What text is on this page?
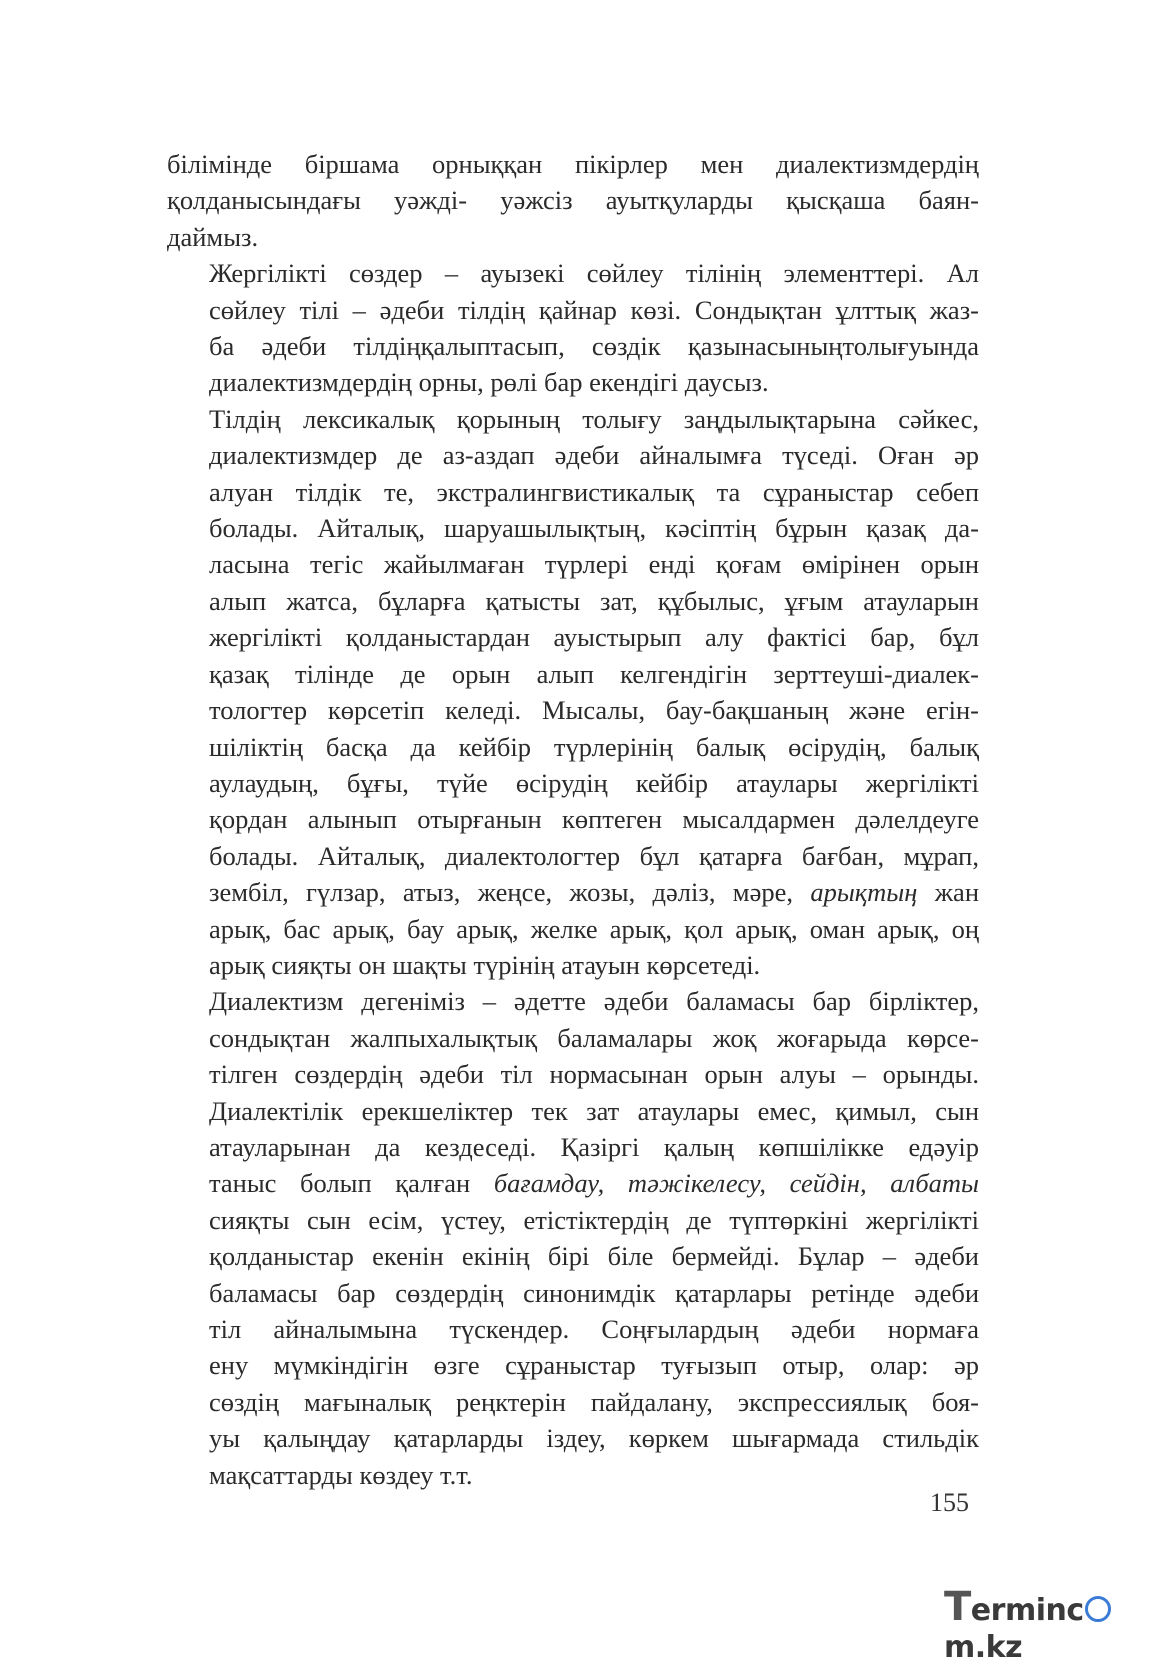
білімінде біршама орныққан пікірлер мен диалектизмдердің
қолданысындағы уәжді- уәжсіз ауытқуларды қысқаша баян-
даймыз.

Жергілікті сөздер – ауызекі сөйлеу тілінің элементтері. Ал
сөйлеу тілі – әдеби тілдің қайнар көзі. Сондықтан ұлттық жаз-
ба әдеби тілдіңқалыптасып, сөздік қазынасыныңтолығуында
диалектизмдердің орны, рөлі бар екендігі даусыз.

Тілдің лексикалық қорының толығу заңдылықтарына сәйкес,
диалектизмдер де аз-аздап әдеби айналымға түседі. Оған әр
алуан тілдік те, экстралингвистикалық та сұраныстар себеп
болады. Айталық, шаруашылықтың, кәсіптің бұрын қазақ да-
ласына тегіс жайылмаған түрлері енді қоғам өмірінен орын
алып жатса, бұларға қатысты зат, құбылыс, ұғым атауларын
жергілікті қолданыстардан ауыстырып алу фактісі бар, бұл
қазақ тілінде де орын алып келгендігін зерттеуші-диалек-
тологтер көрсетіп келеді. Мысалы, бау-бақшаның және егін-
шіліктің басқа да кейбір түрлерінің балық өсірудің, балық
аулаудың, бұғы, түйе өсірудің кейбір атаулары жергілікті
қордан алынып отырғанын көптеген мысалдармен дәлелдеуге
болады. Айталық, диалектологтер бұл қатарға бағбан, мұрап,
зембіл, гүлзар, атыз, жеңсе, жозы, дәліз, мәре, арықтың жан
арық, бас арық, бау арық, желке арық, қол арық, оман арық, оң
арық сияқты он шақты түрінің атауын көрсетеді.

Диалектизм дегеніміз – әдетте әдеби баламасы бар бірліктер,
сондықтан жалпыхалықтық баламалары жоқ жоғарыда көрсе-
тілген сөздердің әдеби тіл нормасынан орын алуы – орынды.
Диалектілік ерекшеліктер тек зат атаулары емес, қимыл, сын
атауларынан да кездеседі. Қазіргі қалың көпшілікке едәуір
таныс болып қалған бағамдау, тәжікелесу, сейдін, албаты
сияқты сын есім, үстеу, етістіктердің де түптөркіні жергілікті
қолданыстар екенін екінің бірі біле бермейді. Бұлар – әдеби
баламасы бар сөздердің синонимдік қатарлары ретінде әдеби
тіл айналымына түскендер. Соңғылардың әдеби нормаға
ену мүмкіндігін өзге сұраныстар туғызып отыр, олар: әр
сөздің мағыналық реңктерін пайдалану, экспрессиялық боя-
уы қалыңдау қатарларды іздеу, көркем шығармада стильдік
мақсаттарды көздеу т.т.

155
Termincm.kz
